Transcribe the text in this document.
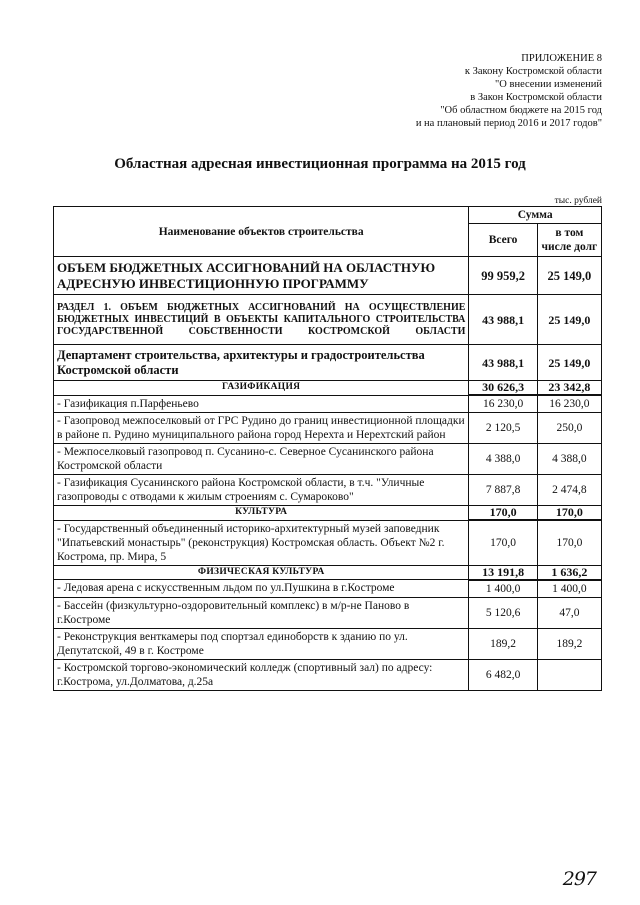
ПРИЛОЖЕНИЕ 8
к Закону Костромской области
"О внесении изменений
в Закон Костромской области
"Об областном бюджете на 2015 год
и на плановый период 2016 и 2017 годов"
Областная адресная инвестиционная программа на 2015 год
тыс. рублей
Наименование объектов строительства	Сумма	
	Всего	в том числе долг
ОБЪЕМ БЮДЖЕТНЫХ АССИГНОВАНИЙ НА ОБЛАСТНУЮ АДРЕСНУЮ ИНВЕСТИЦИОННУЮ ПРОГРАММУ	99 959,2	25 149,0
РАЗДЕЛ 1. ОБЪЕМ БЮДЖЕТНЫХ АССИГНОВАНИЙ НА ОСУЩЕСТВЛЕНИЕ БЮДЖЕТНЫХ ИНВЕСТИЦИЙ В ОБЪЕКТЫ КАПИТАЛЬНОГО СТРОИТЕЛЬСТВА ГОСУДАРСТВЕННОЙ СОБСТВЕННОСТИ КОСТРОМСКОЙ ОБЛАСТИ	43 988,1	25 149,0
Департамент строительства, архитектуры и градостроительства Костромской области	43 988,1	25 149,0
ГАЗИФИКАЦИЯ	30 626,3	23 342,8
- Газификация п.Парфеньево	16 230,0	16 230,0
- Газопровод межпоселковый от ГРС Рудино до границ инвестиционной площадки в районе п. Рудино муниципального района город Нерехта и Нерехтский район	2 120,5	250,0
- Межпоселковый газопровод п. Сусанино-с. Северное Сусанинского района Костромской области	4 388,0	4 388,0
- Газификация Сусанинского района Костромской области, в т.ч. "Уличные газопроводы с отводами к жилым строениям с. Сумароково"	7 887,8	2 474,8
КУЛЬТУРА	170,0	170,0
- Государственный объединенный историко-архитектурный музей заповедник "Ипатьевский монастырь" (реконструкция) Костромская область. Объект №2 г. Кострома, пр. Мира, 5	170,0	170,0
ФИЗИЧЕСКАЯ КУЛЬТУРА	13 191,8	1 636,2
- Ледовая арена с искусственным льдом по ул.Пушкина в г.Костроме	1 400,0	1 400,0
- Бассейн (физкультурно-оздоровительный комплекс) в м/р-не Паново в г.Костроме	5 120,6	47,0
- Реконструкция венткамеры под спортзал единоборств к зданию по ул. Депутатской, 49 в г. Костроме	189,2	189,2
- Костромской торгово-экономический колледж (спортивный зал) по адресу: г.Кострома, ул.Долматова, д.25а	6 482,0	
297
